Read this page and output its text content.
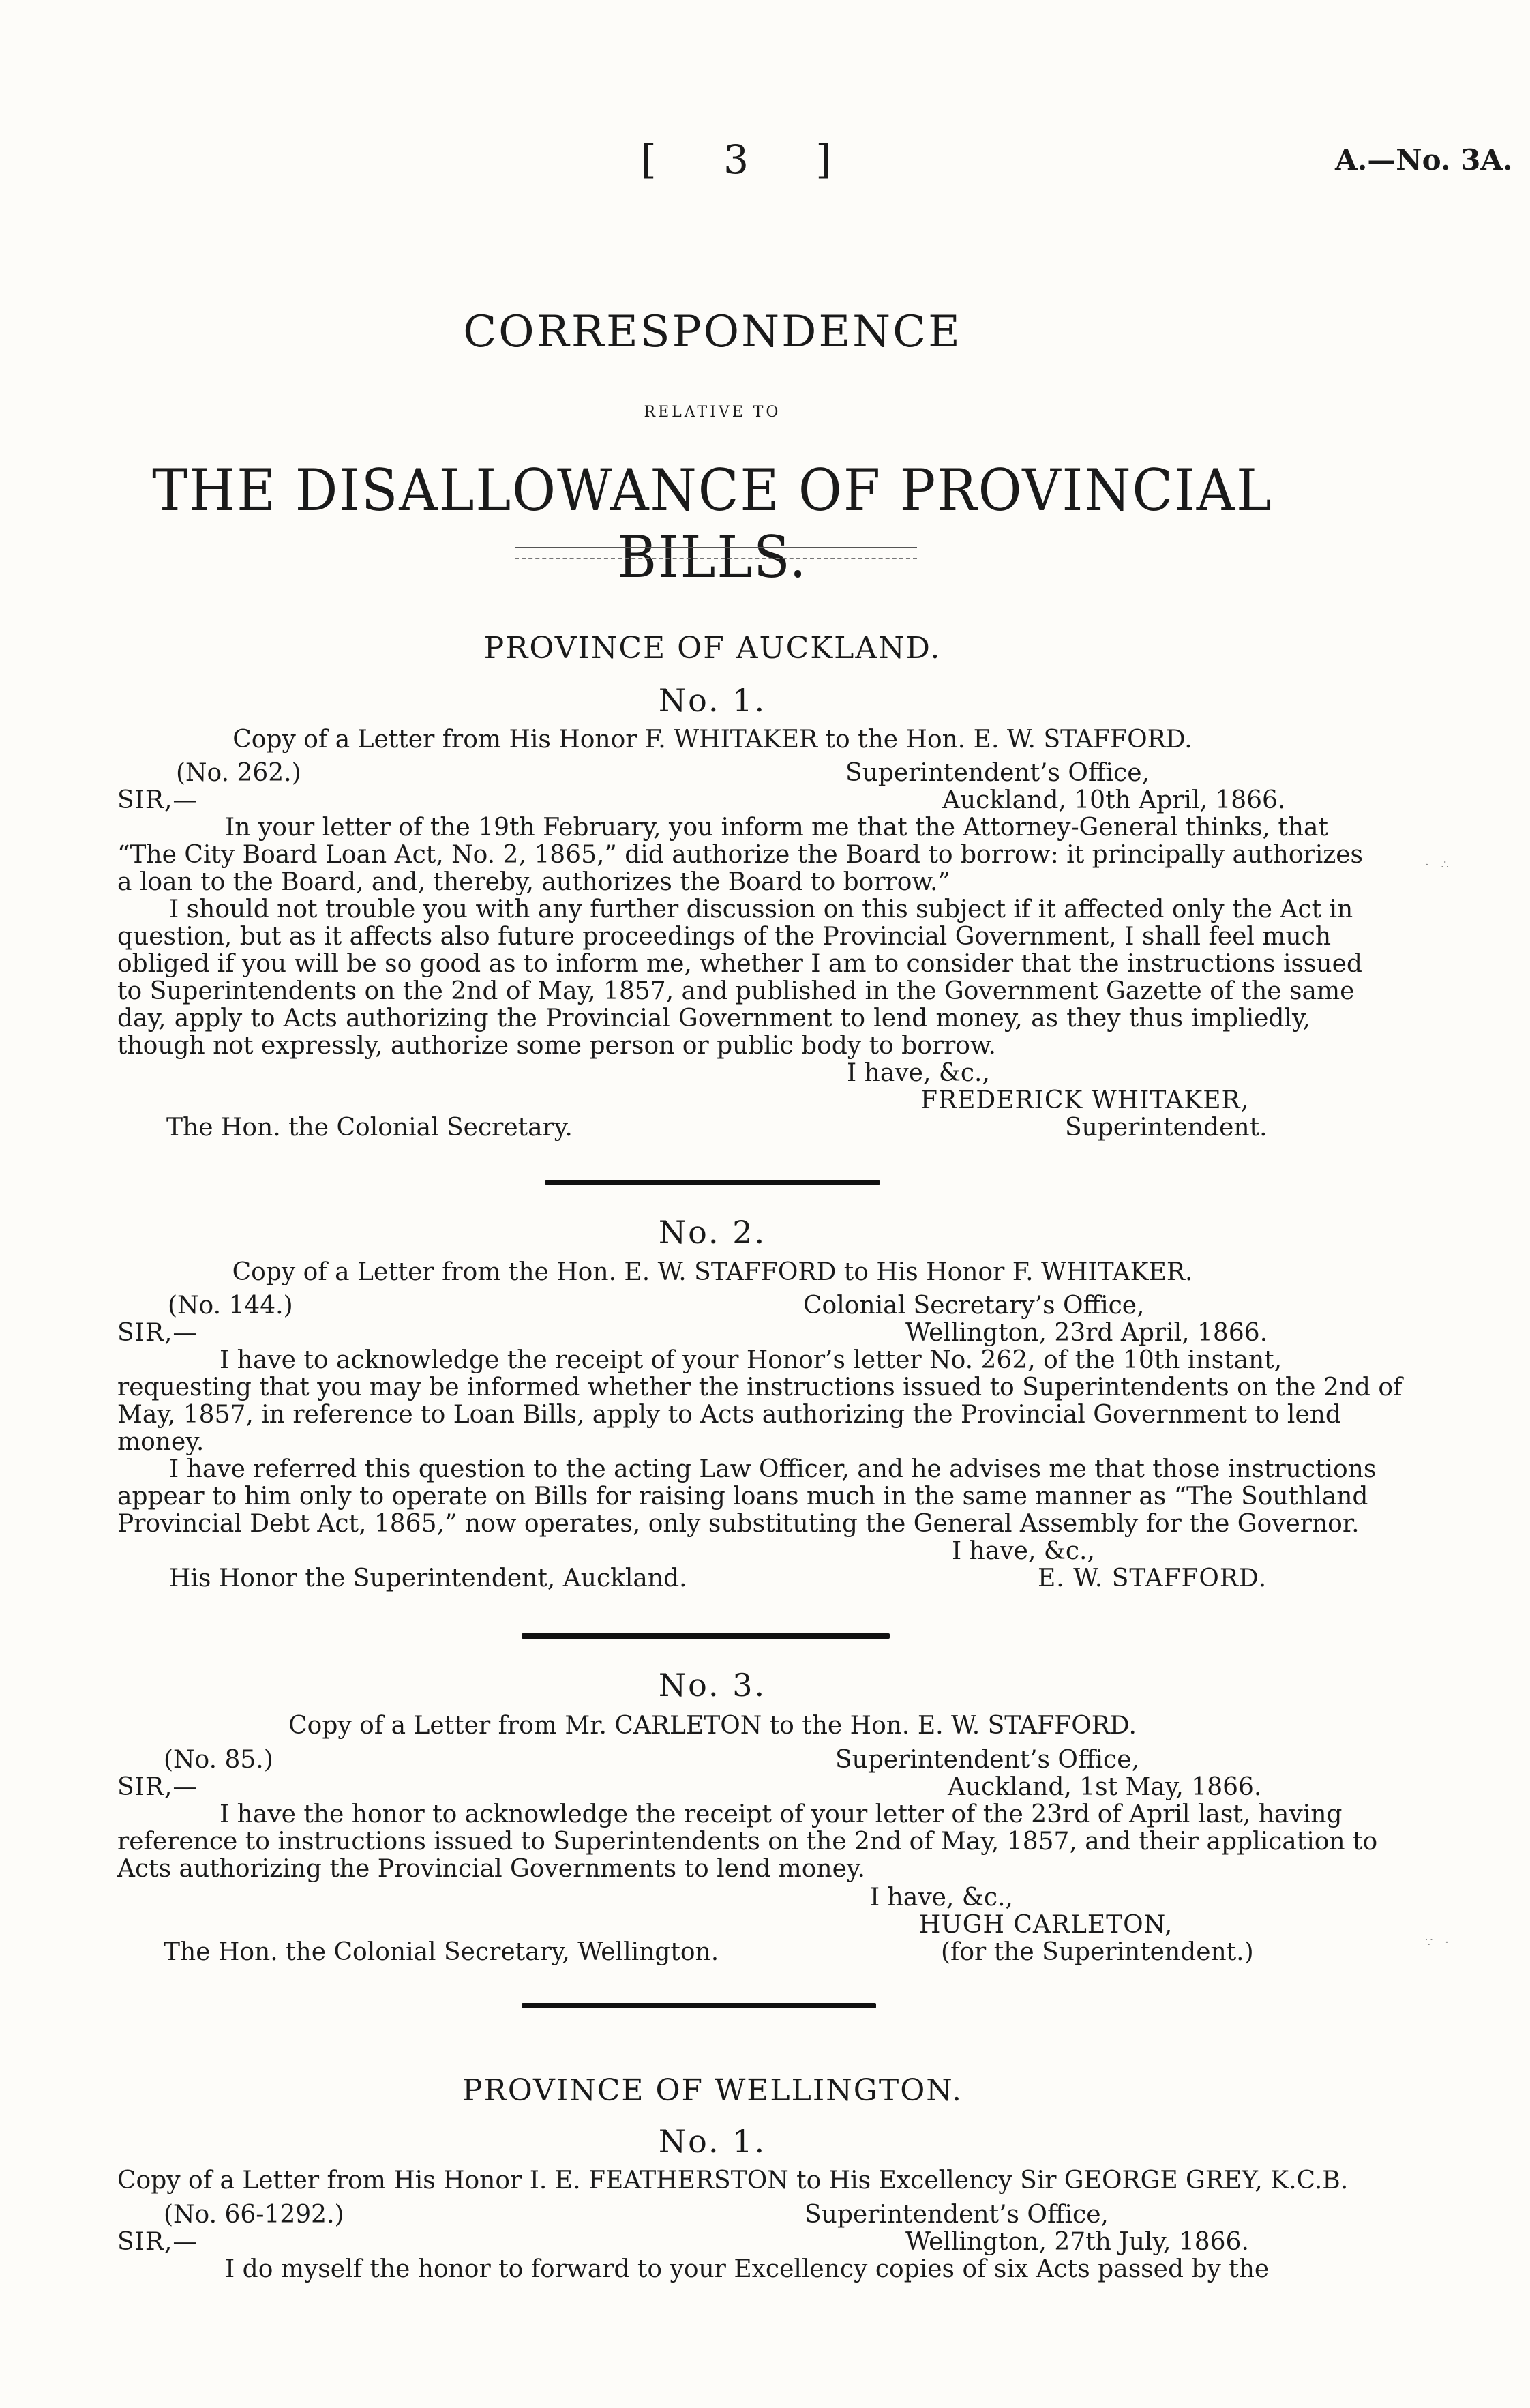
[ 3 ]	A.—No. 3A.
CORRESPONDENCE
RELATIVE TO
THE DISALLOWANCE OF PROVINCIAL BILLS.
PROVINCE OF AUCKLAND.
No. 1.
Copy of a Letter from His Honor F. WHITAKER to the Hon. E. W. STAFFORD.
(No. 262.)	Superintendent’s Office,
SIR,—	Auckland, 10th April, 1866.
In your letter of the 19th February, you inform me that the Attorney-General thinks, that
“The City Board Loan Act, No. 2, 1865,” did authorize the Board to borrow: it principally authorizes
a loan to the Board, and, thereby, authorizes the Board to borrow.”
I should not trouble you with any further discussion on this subject if it affected only the Act in
question, but as it affects also future proceedings of the Provincial Government, I shall feel much
obliged if you will be so good as to inform me, whether I am to consider that the instructions issued
to Superintendents on the 2nd of May, 1857, and published in the Government Gazette of the same
day, apply to Acts authorizing the Provincial Government to lend money, as they thus impliedly,
though not expressly, authorize some person or public body to borrow.
I have, &c.,
FREDERICK WHITAKER,
The Hon. the Colonial Secretary.	Superintendent.
No. 2.
Copy of a Letter from the Hon. E. W. STAFFORD to His Honor F. WHITAKER.
(No. 144.)	Colonial Secretary’s Office,
SIR,—	Wellington, 23rd April, 1866.
I have to acknowledge the receipt of your Honor’s letter No. 262, of the 10th instant,
requesting that you may be informed whether the instructions issued to Superintendents on the 2nd of
May, 1857, in reference to Loan Bills, apply to Acts authorizing the Provincial Government to lend
money.
I have referred this question to the acting Law Officer, and he advises me that those instructions
appear to him only to operate on Bills for raising loans much in the same manner as “The Southland
Provincial Debt Act, 1865,” now operates, only substituting the General Assembly for the Governor.
I have, &c.,
His Honor the Superintendent, Auckland.	E. W. STAFFORD.
No. 3.
Copy of a Letter from Mr. CARLETON to the Hon. E. W. STAFFORD.
(No. 85.)	Superintendent’s Office,
SIR,—	Auckland, 1st May, 1866.
I have the honor to acknowledge the receipt of your letter of the 23rd of April last, having
reference to instructions issued to Superintendents on the 2nd of May, 1857, and their application to
Acts authorizing the Provincial Governments to lend money.
I have, &c.,
HUGH CARLETON,
The Hon. the Colonial Secretary, Wellington.	(for the Superintendent.)
PROVINCE OF WELLINGTON.
No. 1.
Copy of a Letter from His Honor I. E. FEATHERSTON to His Excellency Sir GEORGE GREY, K.C.B.
(No. 66-1292.)	Superintendent’s Office,
SIR,—	Wellington, 27th July, 1866.
I do myself the honor to forward to your Excellency copies of six Acts passed by the
· ∴
∵ ·
